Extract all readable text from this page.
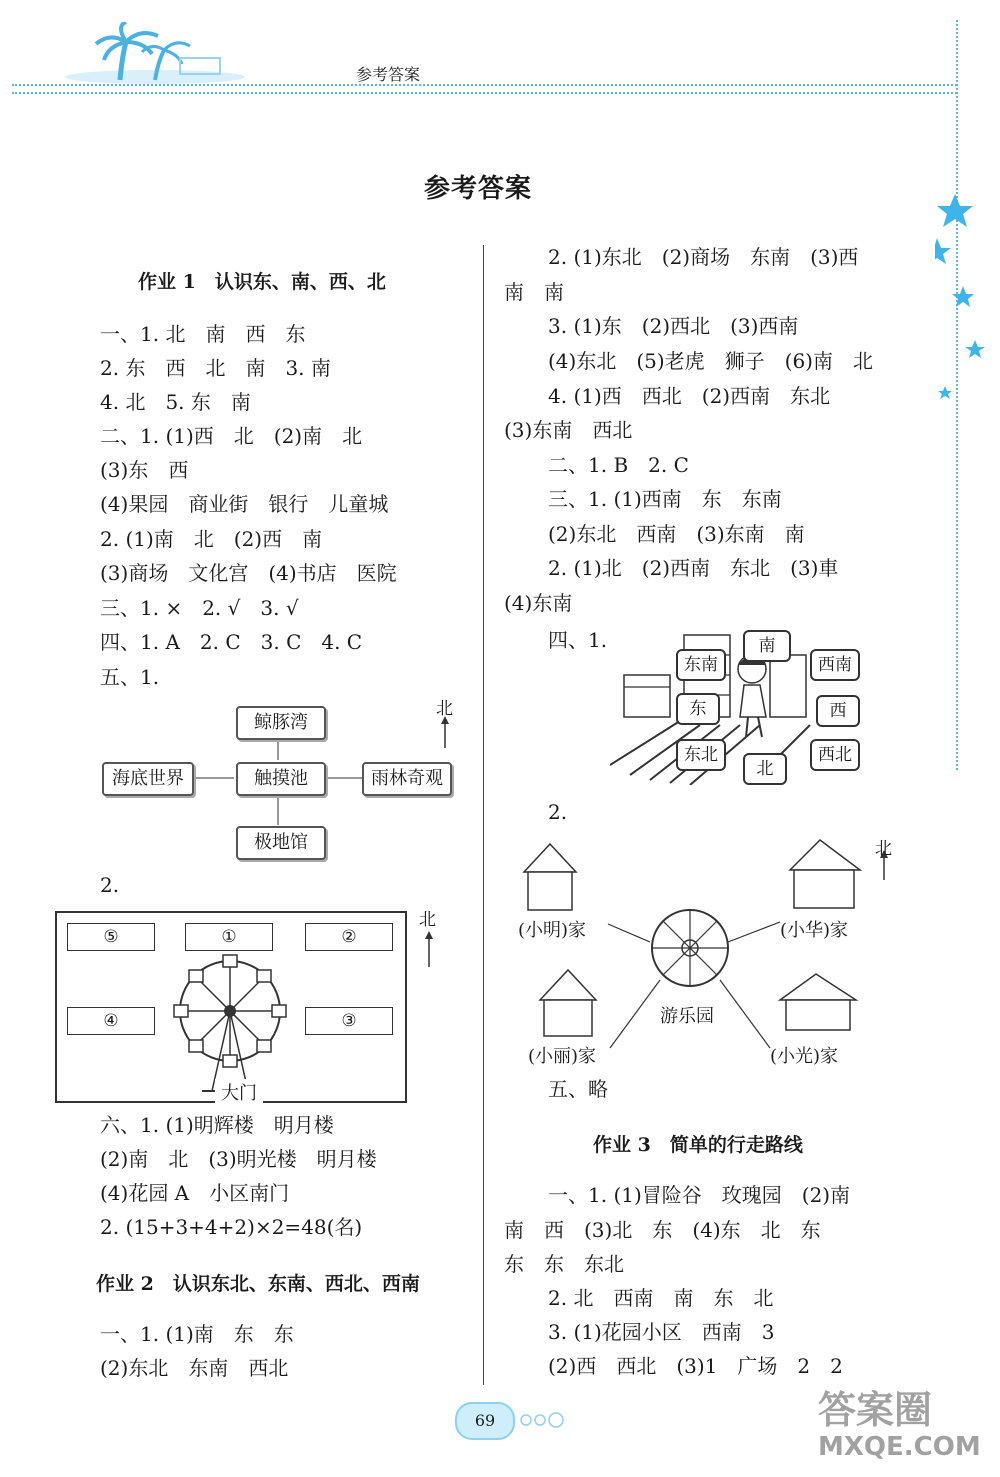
参考答案
参考答案
作业 1　认识东、南、西、北
一、1. 北　南　西　东
2. 东　西　北　南　3. 南
4. 北　5. 东　南
二、1. (1)西　北　(2)南　北
(3)东　西
(4)果园　商业街　银行　儿童城
2. (1)南　北　(2)西　南
(3)商场　文化宫　(4)书店　医院
三、1. ×　2. √　3. √
四、1. A　2. C　3. C　4. C
五、1.
鲸豚湾
海底世界	触摸池	雨林奇观
极地馆
北
2.
⑤	①	②
④	③
大门
北
六、1. (1)明辉楼　明月楼
(2)南　北　(3)明光楼　明月楼
(4)花园 A　小区南门
2. (15+3+4+2)×2=48(名)
作业 2　认识东北、东南、西北、西南
一、1. (1)南　东　东
(2)东北　东南　西北
2. (1)东北　(2)商场　东南　(3)西
南　南
3. (1)东　(2)西北　(3)西南
(4)东北　(5)老虎　狮子　(6)南　北
4. (1)西　西北　(2)西南　东北
(3)东南　西北
二、1. B　2. C
三、1. (1)西南　东　东南
(2)东北　西南　(3)东南　南
2. (1)北　(2)西南　东北　(3)車
(4)东南
四、1.	南
东南	西南
东	西
东北	西北
北
2.
(小明)家	(小华)家
游乐园
(小丽)家	(小光)家
北
五、略
作业 3　简单的行走路线
一、1. (1)冒险谷　玫瑰园　(2)南
南　西　(3)北　东　(4)东　北　东
东　东　东北
2. 北　西南　南　东　北
3. (1)花园小区　西南　3
(2)西　西北　(3)1　广场　2　2
69	答案圈
MXQE.COM
